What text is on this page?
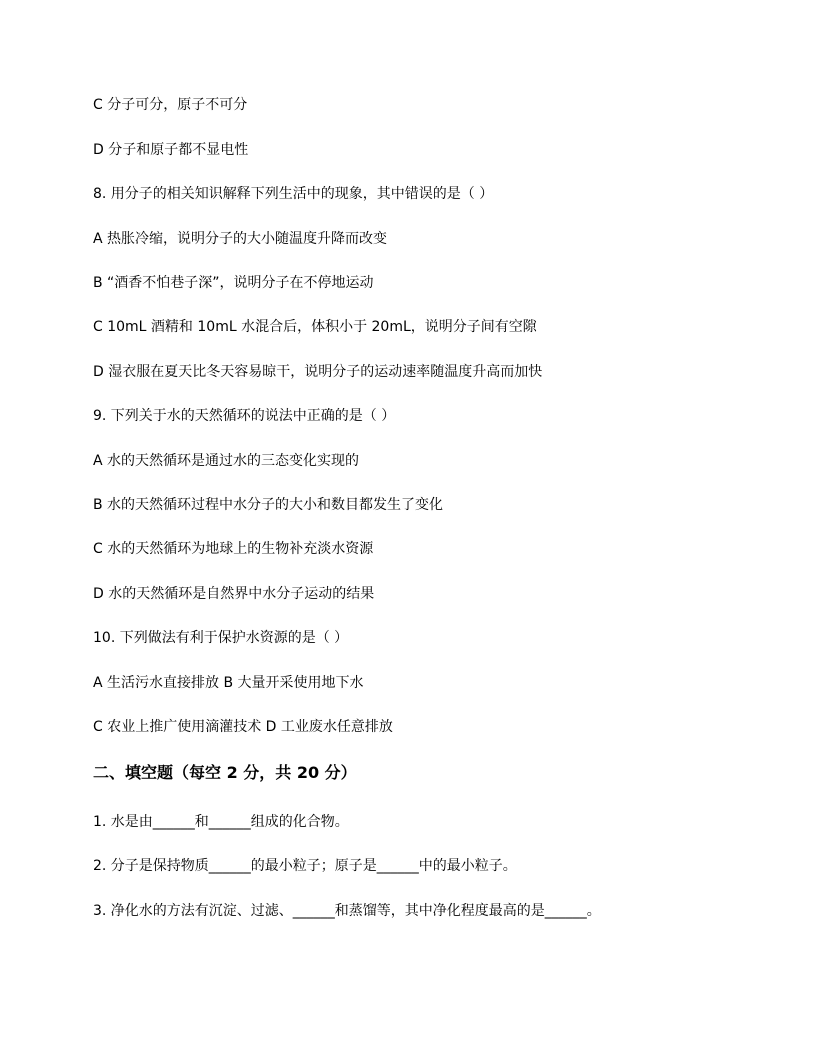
C 分子可分，原子不可分

D 分子和原子都不显电性

8. 用分子的相关知识解释下列生活中的现象，其中错误的是（ ）

A 热胀冷缩，说明分子的大小随温度升降而改变

B “酒香不怕巷子深”，说明分子在不停地运动

C 10mL 酒精和 10mL 水混合后，体积小于 20mL，说明分子间有空隙

D 湿衣服在夏天比冬天容易晾干，说明分子的运动速率随温度升高而加快

9. 下列关于水的天然循环的说法中正确的是（ ）

A 水的天然循环是通过水的三态变化实现的

B 水的天然循环过程中水分子的大小和数目都发生了变化

C 水的天然循环为地球上的生物补充淡水资源

D 水的天然循环是自然界中水分子运动的结果

10. 下列做法有利于保护水资源的是（ ）

A 生活污水直接排放 B 大量开采使用地下水

C 农业上推广使用滴灌技术 D 工业废水任意排放

二、填空题（每空 2 分，共 20 分）

1. 水是由______和______组成的化合物。

2. 分子是保持物质______的最小粒子；原子是______中的最小粒子。

3. 净化水的方法有沉淀、过滤、______和蒸馏等，其中净化程度最高的是______。
